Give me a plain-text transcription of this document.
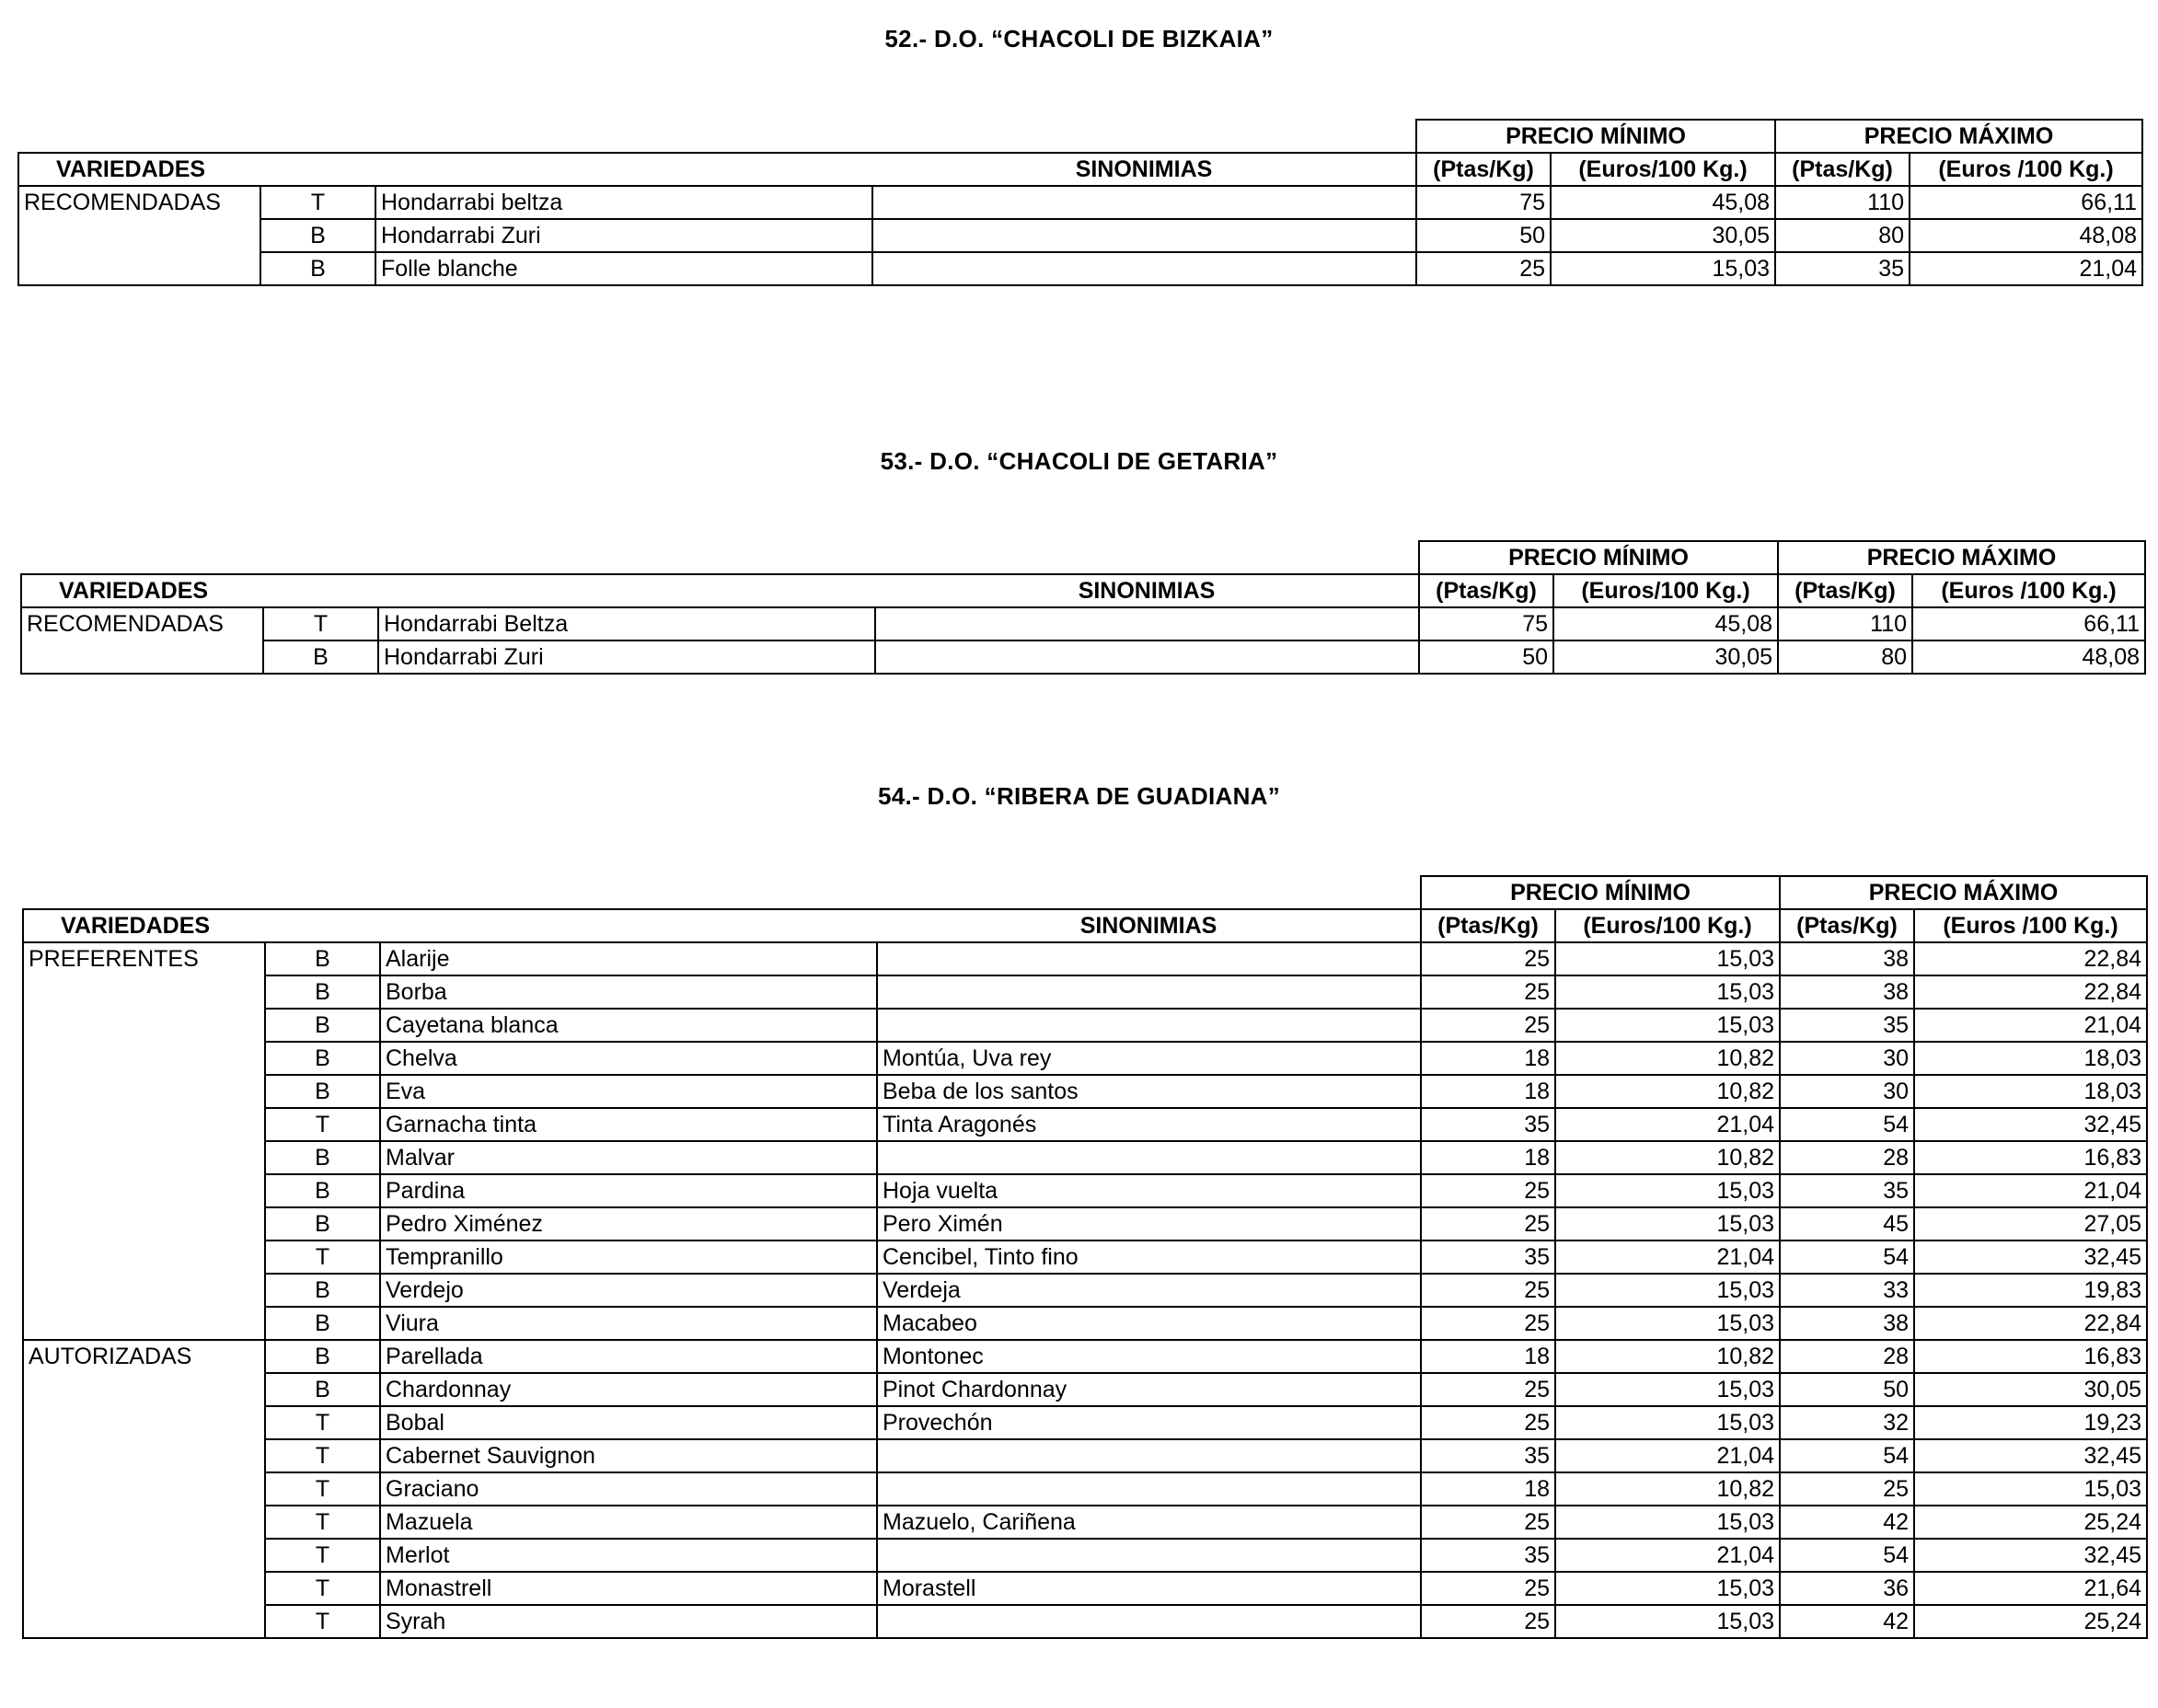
52.- D.O. “CHACOLI DE BIZKAIA”
				PRECIO MÍNIMO		PRECIO MÁXIMO	
VARIEDADES			SINONIMIAS	(Ptas/Kg)	(Euros/100 Kg.)	(Ptas/Kg)	(Euros /100 Kg.)
RECOMENDADAS	T	Hondarrabi beltza		75	45,08	110	66,11
	B	Hondarrabi Zuri		50	30,05	80	48,08
	B	Folle blanche		25	15,03	35	21,04
53.- D.O. “CHACOLI DE GETARIA”
				PRECIO MÍNIMO		PRECIO MÁXIMO	
VARIEDADES			SINONIMIAS	(Ptas/Kg)	(Euros/100 Kg.)	(Ptas/Kg)	(Euros /100 Kg.)
RECOMENDADAS	T	Hondarrabi Beltza		75	45,08	110	66,11
	B	Hondarrabi Zuri		50	30,05	80	48,08
54.- D.O. “RIBERA DE GUADIANA”
				PRECIO MÍNIMO		PRECIO MÁXIMO	
VARIEDADES			SINONIMIAS	(Ptas/Kg)	(Euros/100 Kg.)	(Ptas/Kg)	(Euros /100 Kg.)
PREFERENTES	B	Alarije		25	15,03	38	22,84
	B	Borba		25	15,03	38	22,84
	B	Cayetana blanca		25	15,03	35	21,04
	B	Chelva	Montúa, Uva rey	18	10,82	30	18,03
	B	Eva	Beba de los santos	18	10,82	30	18,03
	T	Garnacha tinta	Tinta Aragonés	35	21,04	54	32,45
	B	Malvar		18	10,82	28	16,83
	B	Pardina	Hoja vuelta	25	15,03	35	21,04
	B	Pedro Ximénez	Pero Ximén	25	15,03	45	27,05
	T	Tempranillo	Cencibel, Tinto fino	35	21,04	54	32,45
	B	Verdejo	Verdeja	25	15,03	33	19,83
	B	Viura	Macabeo	25	15,03	38	22,84
AUTORIZADAS	B	Parellada	Montonec	18	10,82	28	16,83
	B	Chardonnay	Pinot Chardonnay	25	15,03	50	30,05
	T	Bobal	Provechón	25	15,03	32	19,23
	T	Cabernet Sauvignon		35	21,04	54	32,45
	T	Graciano		18	10,82	25	15,03
	T	Mazuela	Mazuelo, Cariñena	25	15,03	42	25,24
	T	Merlot		35	21,04	54	32,45
	T	Monastrell	Morastell	25	15,03	36	21,64
	T	Syrah		25	15,03	42	25,24
